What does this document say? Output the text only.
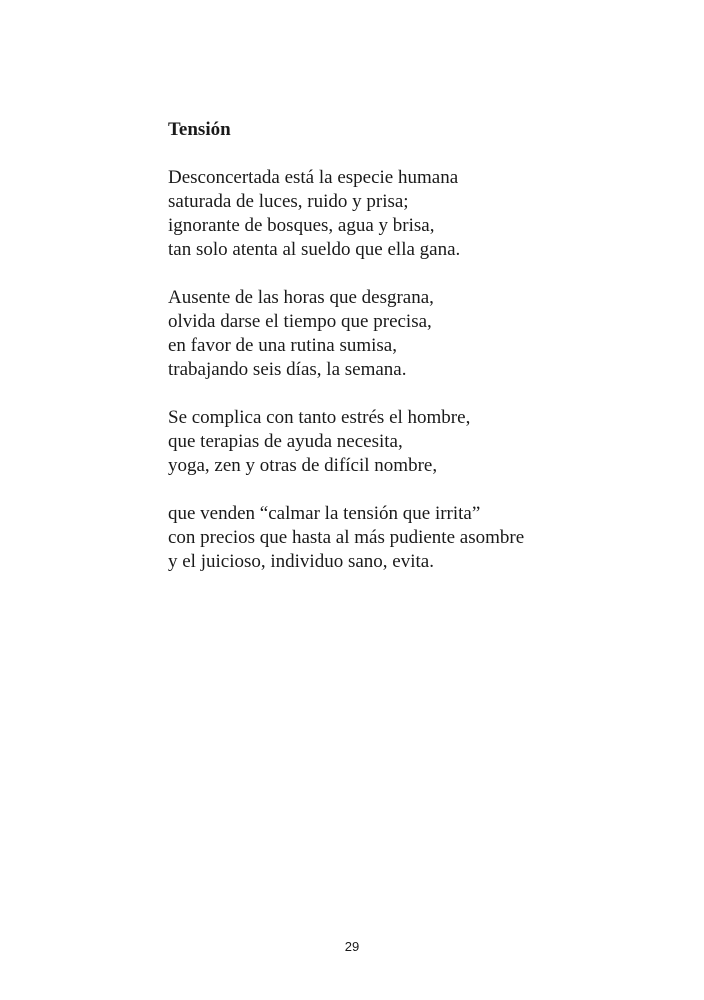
Tensión
Desconcertada está la especie humana
saturada de luces, ruido y prisa;
ignorante de bosques, agua y brisa,
tan solo atenta al sueldo que ella gana.
Ausente de las horas que desgrana,
olvida darse el tiempo que precisa,
en favor de una rutina sumisa,
trabajando seis días, la semana.
Se complica con tanto estrés el hombre,
que terapias de ayuda necesita,
yoga, zen y otras de difícil nombre,
que venden “calmar la tensión que irrita”
con precios que hasta al más pudiente asombre
y el juicioso, individuo sano, evita.
29
